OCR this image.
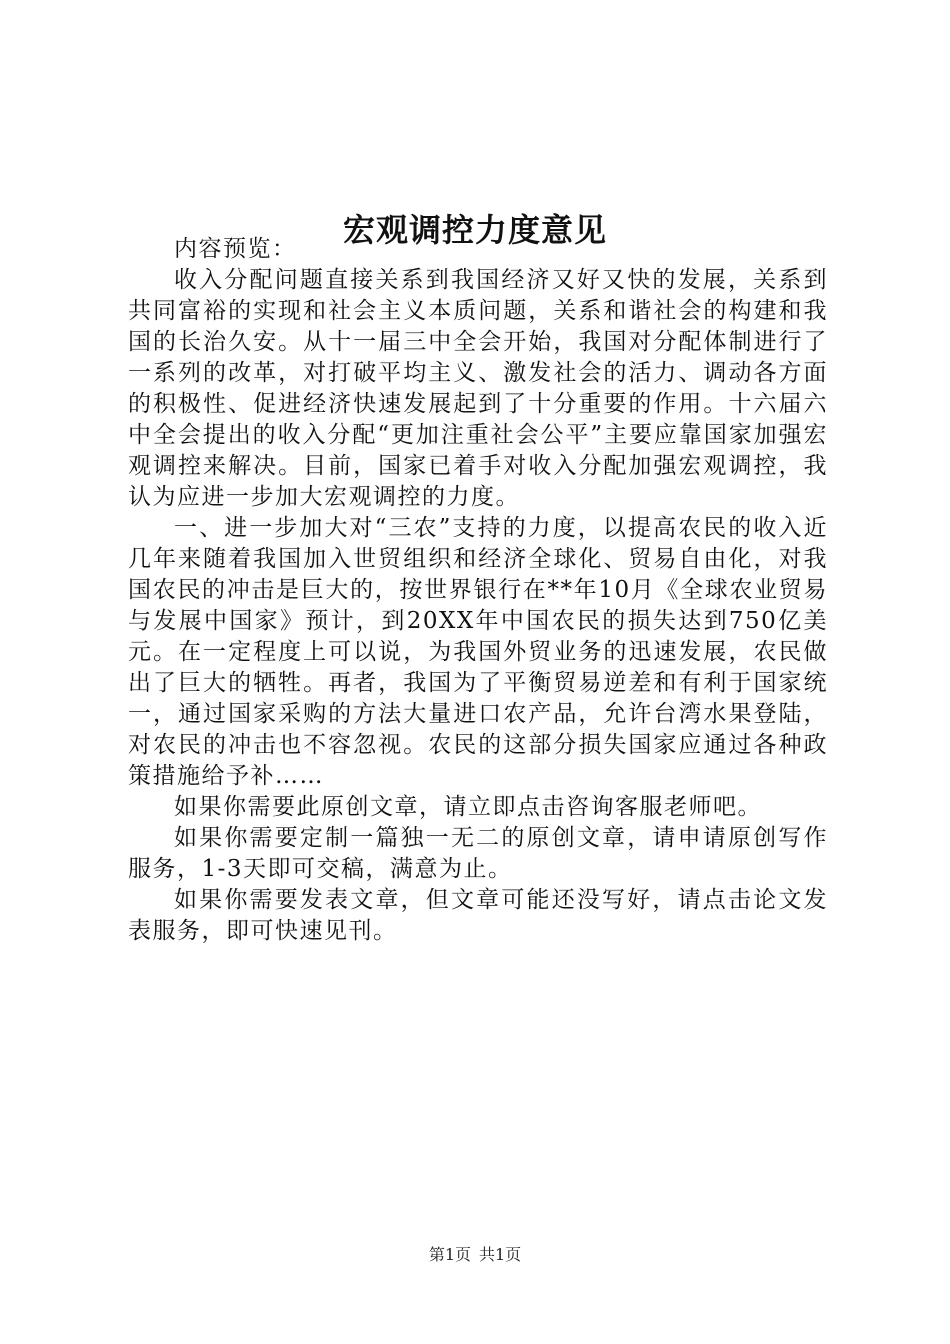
宏观调控力度意见

内容预览：

收入分配问题直接关系到我国经济又好又快的发展，关系到共同富裕的实现和社会主义本质问题，关系和谐社会的构建和我国的长治久安。从十一届三中全会开始，我国对分配体制进行了一系列的改革，对打破平均主义、激发社会的活力、调动各方面的积极性、促进经济快速发展起到了十分重要的作用。十六届六中全会提出的收入分配“更加注重社会公平”主要应靠国家加强宏观调控来解决。目前，国家已着手对收入分配加强宏观调控，我认为应进一步加大宏观调控的力度。

一、进一步加大对“三农”支持的力度，以提高农民的收入近几年来随着我国加入世贸组织和经济全球化、贸易自由化，对我国农民的冲击是巨大的，按世界银行在**年10月《全球农业贸易与发展中国家》预计，到20XX年中国农民的损失达到750亿美元。在一定程度上可以说，为我国外贸业务的迅速发展，农民做出了巨大的牺牲。再者，我国为了平衡贸易逆差和有利于国家统一，通过国家采购的方法大量进口农产品，允许台湾水果登陆，对农民的冲击也不容忽视。农民的这部分损失国家应通过各种政策措施给予补……

如果你需要此原创文章，请立即点击咨询客服老师吧。

如果你需要定制一篇独一无二的原创文章，请申请原创写作服务，1-3天即可交稿，满意为止。

如果你需要发表文章，但文章可能还没写好，请点击论文发表服务，即可快速见刊。

第1页 共1页
